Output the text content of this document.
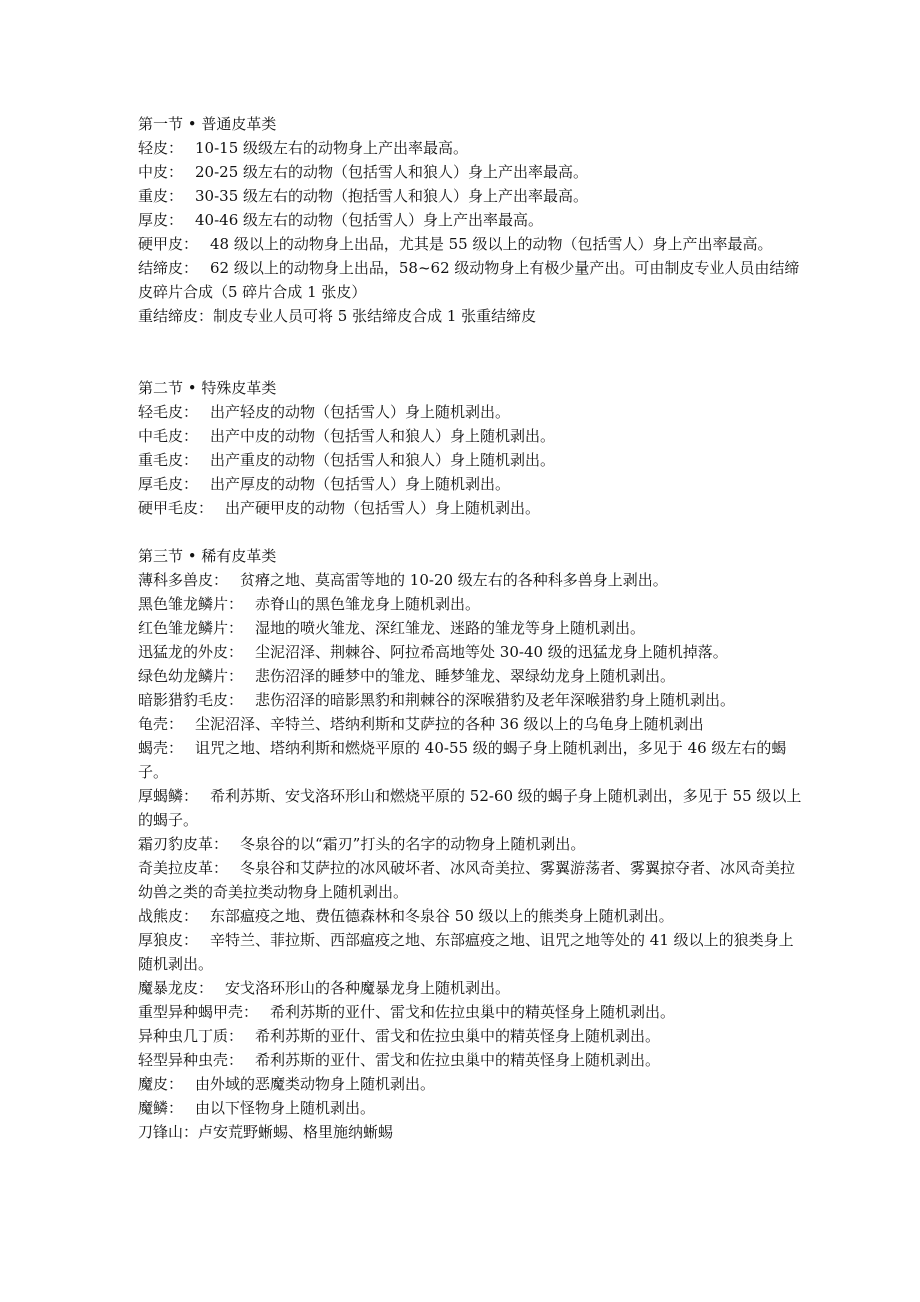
第一节 • 普通皮革类

轻皮： 10-15 级级左右的动物身上产出率最高。

中皮： 20-25 级左右的动物（包括雪人和狼人）身上产出率最高。

重皮： 30-35 级左右的动物（抱括雪人和狼人）身上产出率最高。

厚皮： 40-46 级左右的动物（包括雪人）身上产出率最高。

硬甲皮： 48 级以上的动物身上出品，尤其是 55 级以上的动物（包括雪人）身上产出率最高。

结缔皮： 62 级以上的动物身上出品，58~62 级动物身上有极少量产出。可由制皮专业人员由结缔皮碎片合成（5 碎片合成 1 张皮）

重结缔皮：制皮专业人员可将 5 张结缔皮合成 1 张重结缔皮

第二节 • 特殊皮革类

轻毛皮： 出产轻皮的动物（包括雪人）身上随机剥出。

中毛皮： 出产中皮的动物（包括雪人和狼人）身上随机剥出。

重毛皮： 出产重皮的动物（包括雪人和狼人）身上随机剥出。

厚毛皮： 出产厚皮的动物（包括雪人）身上随机剥出。

硬甲毛皮： 出产硬甲皮的动物（包括雪人）身上随机剥出。

第三节 • 稀有皮革类

薄科多兽皮： 贫瘠之地、莫高雷等地的 10-20 级左右的各种科多兽身上剥出。

黑色雏龙鳞片： 赤脊山的黑色雏龙身上随机剥出。

红色雏龙鳞片： 湿地的喷火雏龙、深红雏龙、迷路的雏龙等身上随机剥出。

迅猛龙的外皮： 尘泥沼泽、荆棘谷、阿拉希高地等处 30-40 级的迅猛龙身上随机掉落。

绿色幼龙鳞片： 悲伤沼泽的睡梦中的雏龙、睡梦雏龙、翠绿幼龙身上随机剥出。

暗影猎豹毛皮： 悲伤沼泽的暗影黑豹和荆棘谷的深喉猎豹及老年深喉猎豹身上随机剥出。

龟壳： 尘泥沼泽、辛特兰、塔纳利斯和艾萨拉的各种 36 级以上的乌龟身上随机剥出

蝎壳： 诅咒之地、塔纳利斯和燃烧平原的 40-55 级的蝎子身上随机剥出，多见于 46 级左右的蝎子。

厚蝎鳞： 希利苏斯、安戈洛环形山和燃烧平原的 52-60 级的蝎子身上随机剥出，多见于 55 级以上的蝎子。

霜刃豹皮革： 冬泉谷的以“霜刃”打头的名字的动物身上随机剥出。

奇美拉皮革： 冬泉谷和艾萨拉的冰风破坏者、冰风奇美拉、雾翼游荡者、雾翼掠夺者、冰风奇美拉幼兽之类的奇美拉类动物身上随机剥出。

战熊皮： 东部瘟疫之地、费伍德森林和冬泉谷 50 级以上的熊类身上随机剥出。

厚狼皮： 辛特兰、菲拉斯、西部瘟疫之地、东部瘟疫之地、诅咒之地等处的 41 级以上的狼类身上随机剥出。

魔暴龙皮： 安戈洛环形山的各种魔暴龙身上随机剥出。

重型异种蝎甲壳： 希利苏斯的亚什、雷戈和佐拉虫巢中的精英怪身上随机剥出。

异种虫几丁质： 希利苏斯的亚什、雷戈和佐拉虫巢中的精英怪身上随机剥出。

轻型异种虫壳： 希利苏斯的亚什、雷戈和佐拉虫巢中的精英怪身上随机剥出。

魔皮： 由外域的恶魔类动物身上随机剥出。

魔鳞： 由以下怪物身上随机剥出。

刀锋山：卢安荒野蜥蜴、格里施纳蜥蜴
